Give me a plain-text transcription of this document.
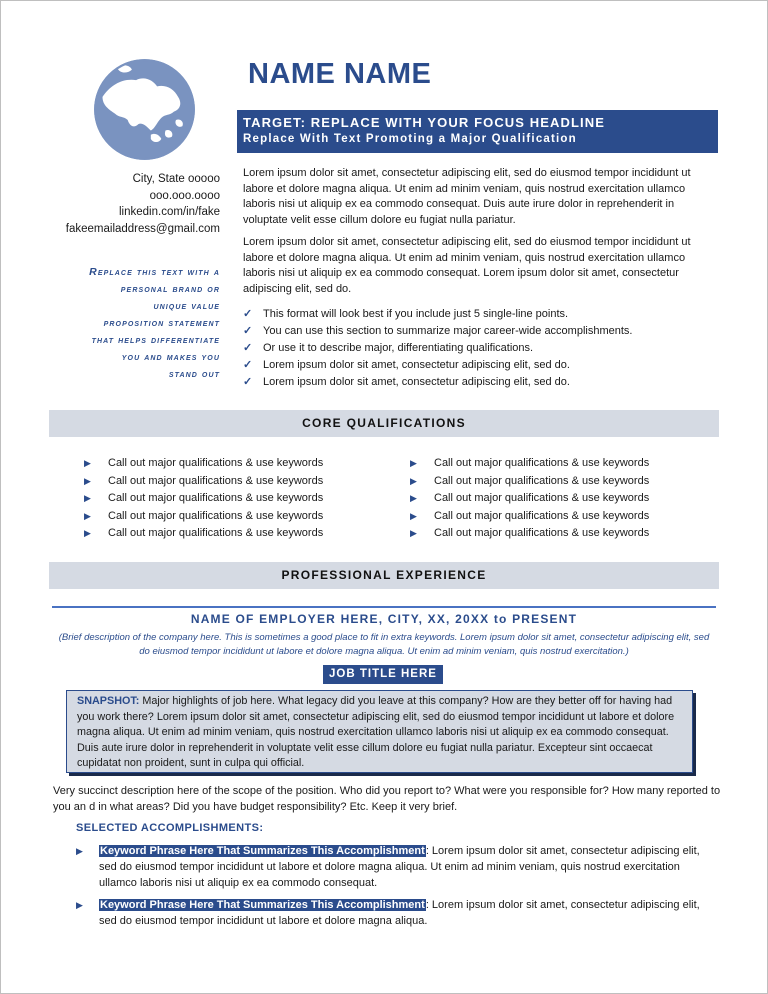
NAME NAME
TARGET: REPLACE WITH YOUR FOCUS HEADLINE
Replace With Text Promoting a Major Qualification
City, State ooooo
ooo.ooo.oooo
linkedin.com/in/fake
fakeemailaddress@gmail.com
Replace this text with a
personal brand or
unique value
proposition statement
that helps differentiate
you and makes you
stand out

Lorem ipsum dolor sit amet, consectetur adipiscing elit, sed do eiusmod tempor incididunt ut labore et dolore magna aliqua. Ut enim ad minim veniam, quis nostrud exercitation ullamco laboris nisi ut aliquip ex ea commodo consequat. Duis aute irure dolor in reprehenderit in voluptate velit esse cillum dolore eu fugiat nulla pariatur.

Lorem ipsum dolor sit amet, consectetur adipiscing elit, sed do eiusmod tempor incididunt ut labore et dolore magna aliqua. Ut enim ad minim veniam, quis nostrud exercitation ullamco laboris nisi ut aliquip ex ea commodo consequat. Lorem ipsum dolor sit amet, consectetur adipiscing elit, sed do.

✓ This format will look best if you include just 5 single-line points.
✓ You can use this section to summarize major career-wide accomplishments.
✓ Or use it to describe major, differentiating qualifications.
✓ Lorem ipsum dolor sit amet, consectetur adipiscing elit, sed do.
✓ Lorem ipsum dolor sit amet, consectetur adipiscing elit, sed do.
CORE QUALIFICATIONS
▶	Call out major qualifications & use keywords
▶	Call out major qualifications & use keywords
▶	Call out major qualifications & use keywords
▶	Call out major qualifications & use keywords
▶	Call out major qualifications & use keywords
▶	Call out major qualifications & use keywords
▶	Call out major qualifications & use keywords
▶	Call out major qualifications & use keywords
▶	Call out major qualifications & use keywords
▶	Call out major qualifications & use keywords
PROFESSIONAL EXPERIENCE
NAME OF EMPLOYER HERE, CITY, XX, 20XX to PRESENT
(Brief description of the company here. This is sometimes a good place to fit in extra keywords. Lorem ipsum dolor sit amet, consectetur adipiscing elit, sed do eiusmod tempor incididunt ut labore et dolore magna aliqua. Ut enim ad minim veniam, quis nostrud exercitation.)
JOB TITLE HERE
SNAPSHOT: Major highlights of job here. What legacy did you leave at this company? How are they better off for having had you work there? Lorem ipsum dolor sit amet, consectetur adipiscing elit, sed do eiusmod tempor incididunt ut labore et dolore magna aliqua. Ut enim ad minim veniam, quis nostrud exercitation ullamco laboris nisi ut aliquip ex ea commodo consequat. Duis aute irure dolor in reprehenderit in voluptate velit esse cillum dolore eu fugiat nulla pariatur. Excepteur sint occaecat cupidatat non proident, sunt in culpa qui official.

Very succinct description here of the scope of the position. Who did you report to? What were you responsible for? How many reported to you an d in what areas? Did you have budget responsibility? Etc. Keep it very brief.

SELECTED ACCOMPLISHMENTS:
▶	Keyword Phrase Here That Summarizes This Accomplishment: Lorem ipsum dolor sit amet, consectetur adipiscing elit, sed do eiusmod tempor incididunt ut labore et dolore magna aliqua. Ut enim ad minim veniam, quis nostrud exercitation ullamco laboris nisi ut aliquip ex ea commodo consequat.
▶	Keyword Phrase Here That Summarizes This Accomplishment: Lorem ipsum dolor sit amet, consectetur adipiscing elit, sed do eiusmod tempor incididunt ut labore et dolore magna aliqua.
